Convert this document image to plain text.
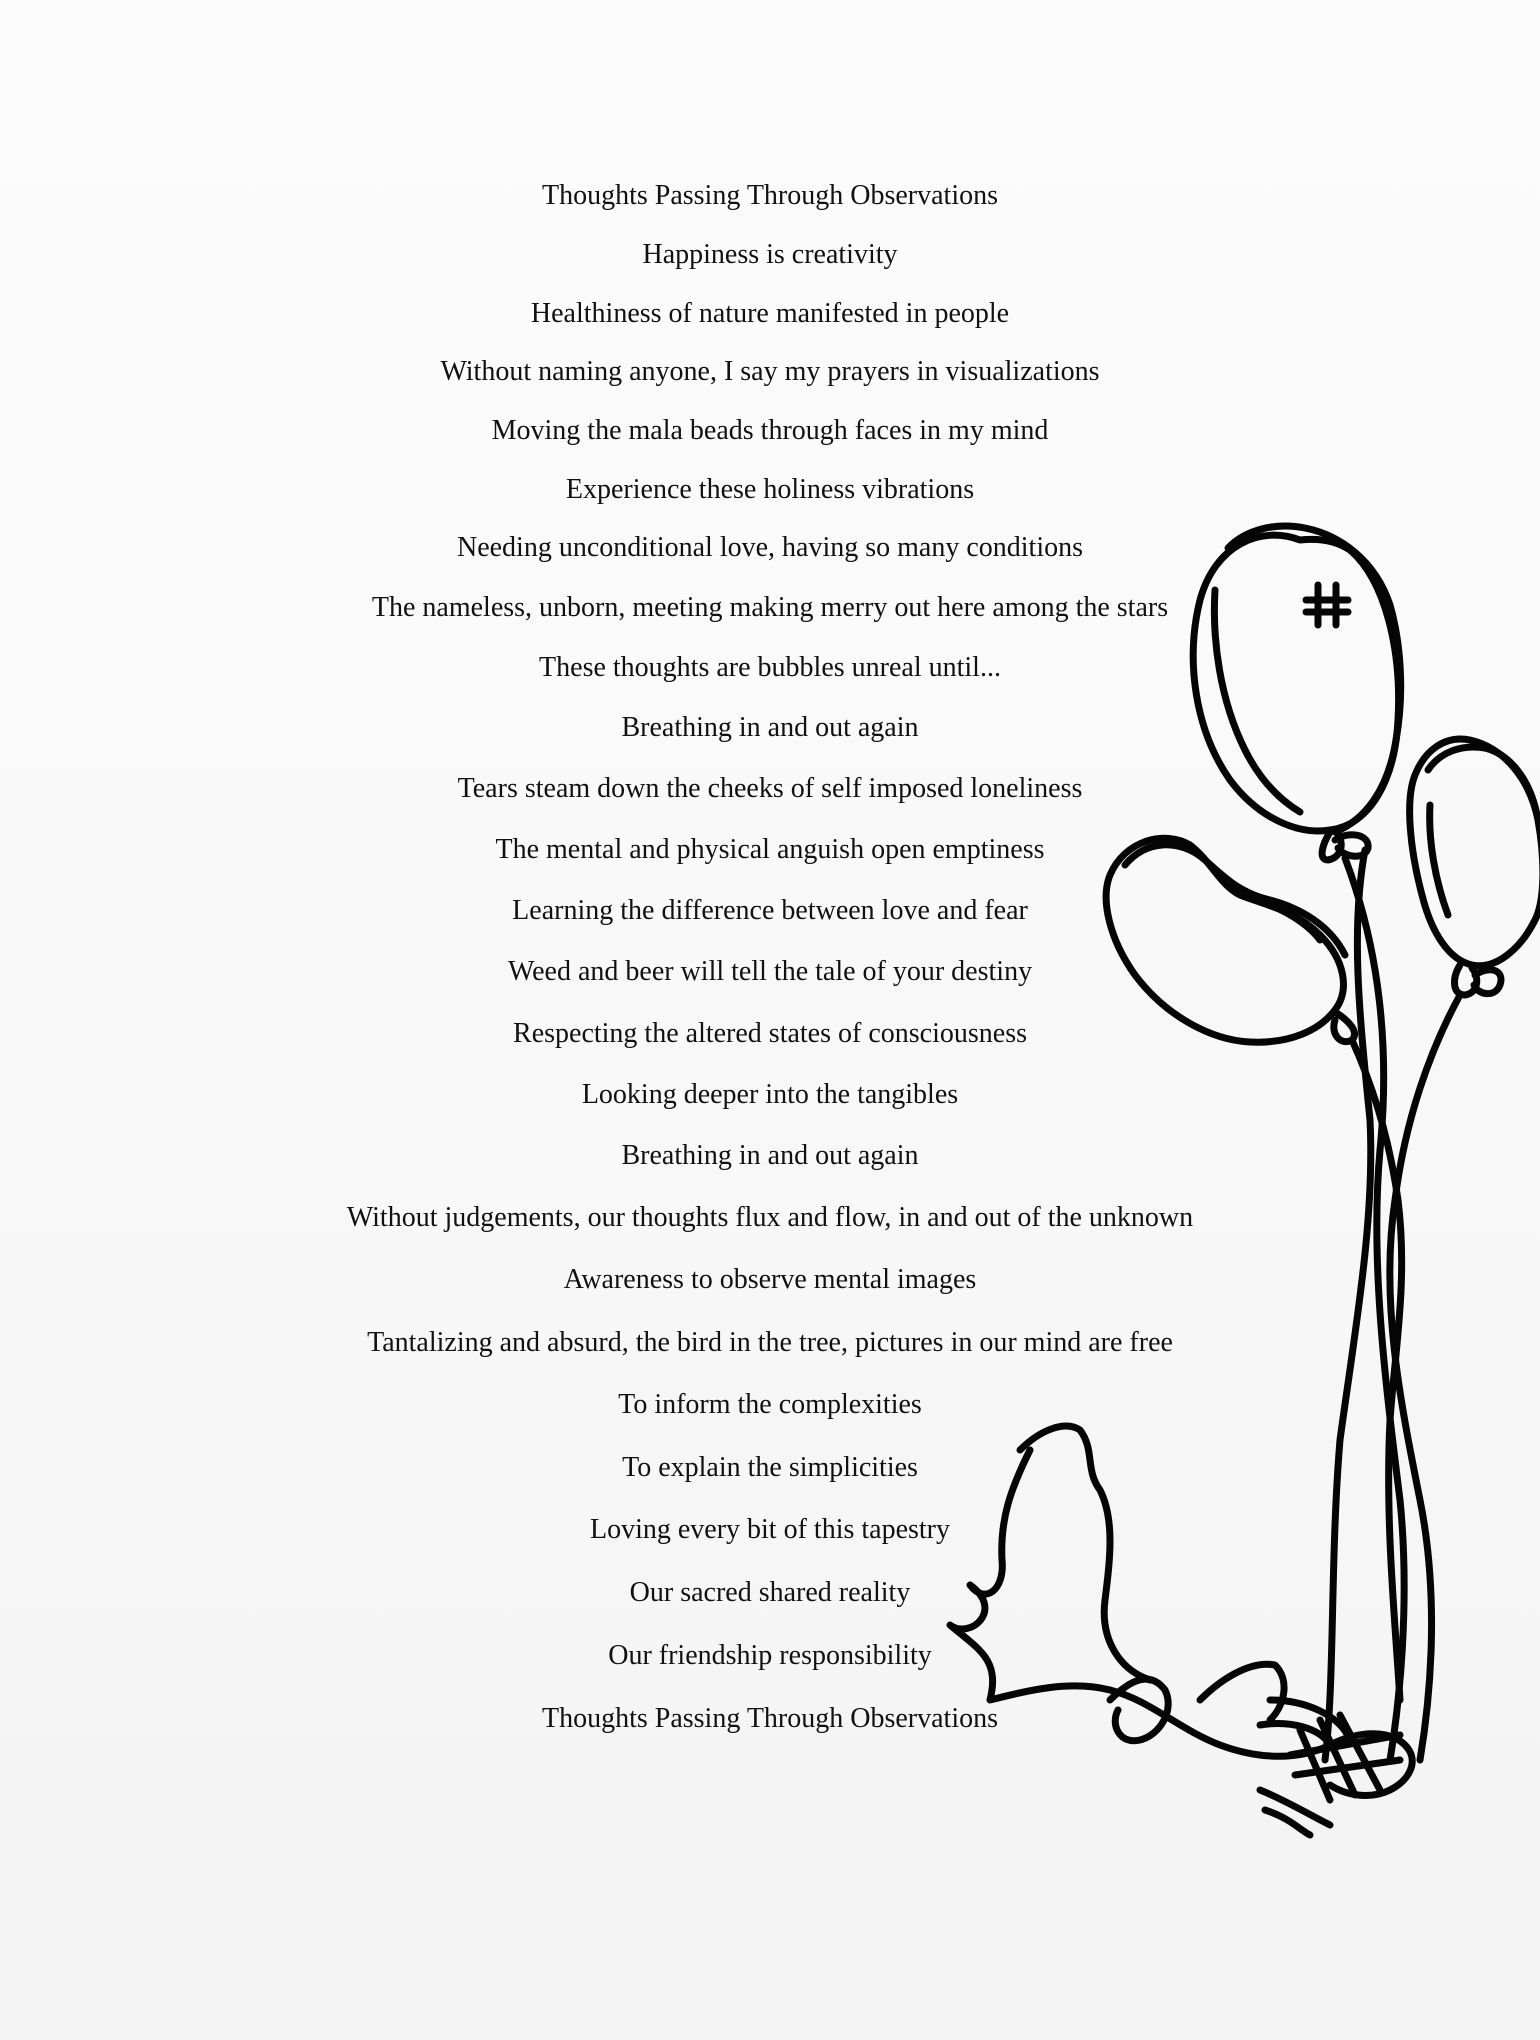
Thoughts Passing Through Observations
Happiness is creativity
Healthiness of nature manifested in people
Without naming anyone, I say my prayers in visualizations
Moving the mala beads through faces in my mind
Experience these holiness vibrations
Needing unconditional love, having so many conditions
The nameless, unborn, meeting making merry out here among the stars
These thoughts are bubbles unreal until...
Breathing in and out again
Tears steam down the cheeks of self imposed loneliness
The mental and physical anguish open emptiness
Learning the difference between love and fear
Weed and beer will tell the tale of your destiny
Respecting the altered states of consciousness
Looking deeper into the tangibles
Breathing in and out again
Without judgements, our thoughts flux and flow, in and out of the unknown
Awareness to observe mental images
Tantalizing and absurd, the bird in the tree, pictures in our mind are free
To inform the complexities
To explain the simplicities
Loving every bit of this tapestry
Our sacred shared reality
Our friendship responsibility
Thoughts Passing Through Observations
